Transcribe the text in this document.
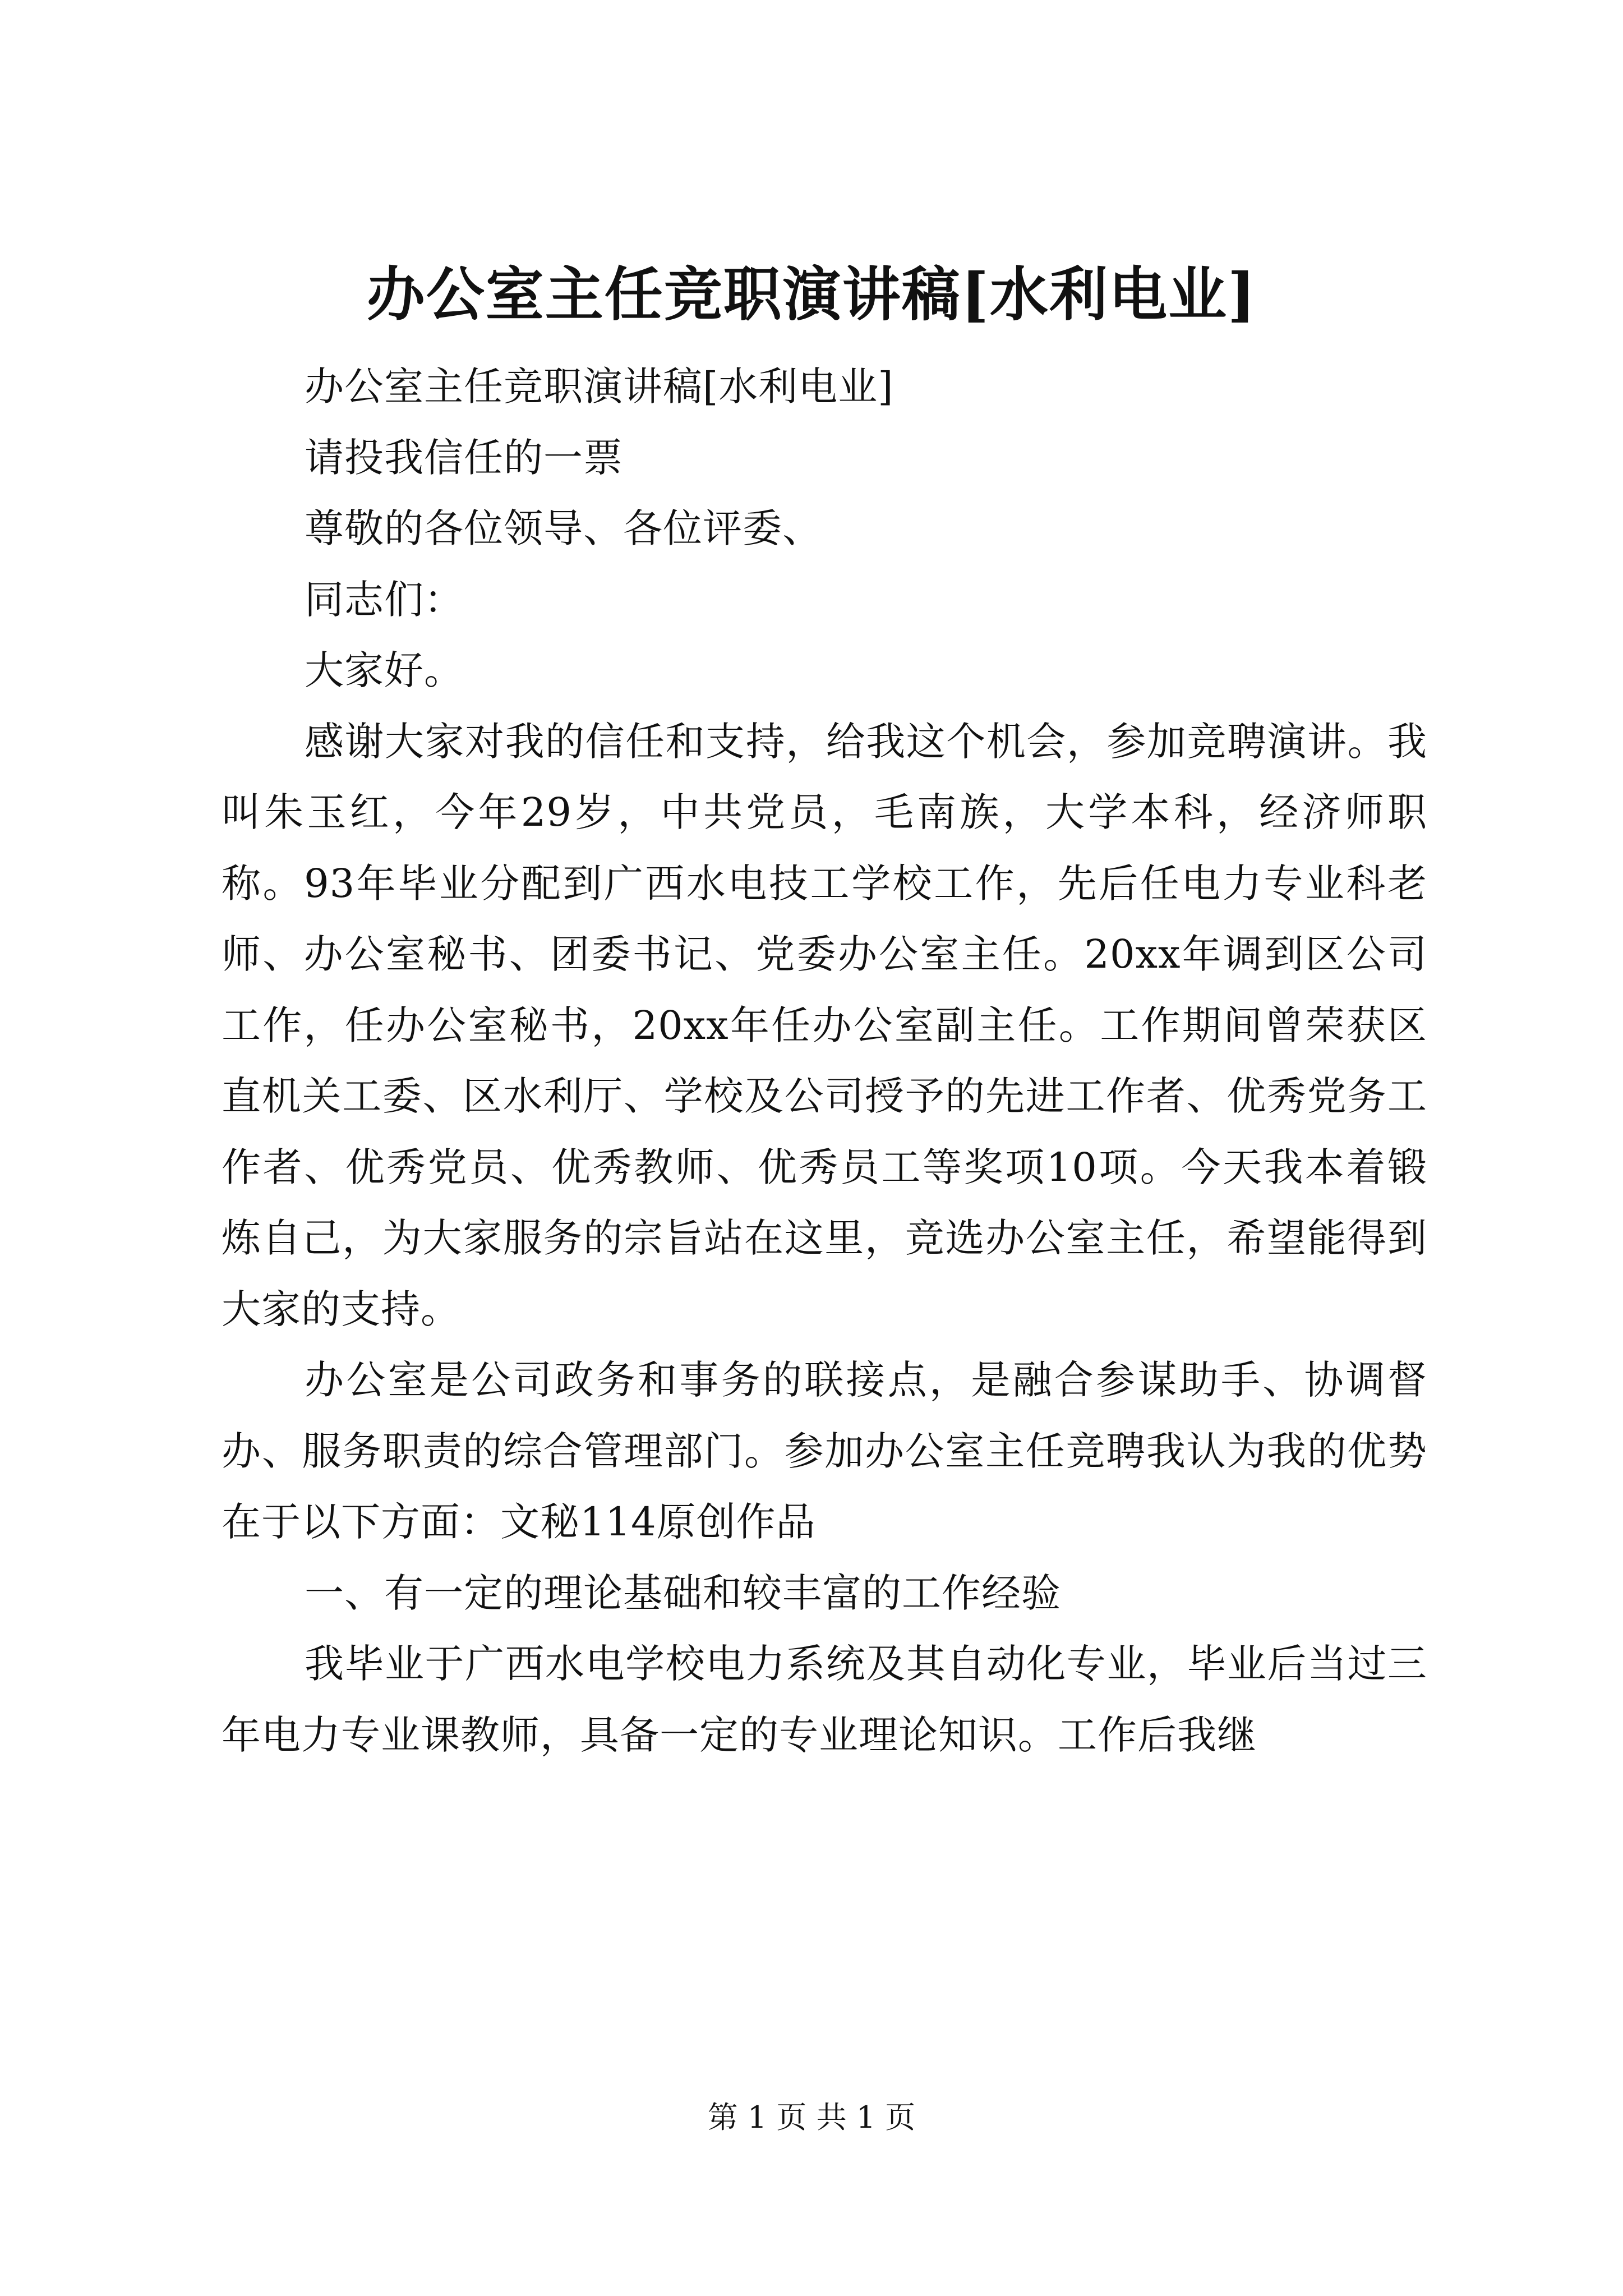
办公室主任竞职演讲稿[水利电业]

办公室主任竞职演讲稿[水利电业]

请投我信任的一票

尊敬的各位领导、各位评委、

同志们：

大家好。

感谢大家对我的信任和支持，给我这个机会，参加竞聘演讲。我叫朱玉红，今年29岁，中共党员，毛南族，大学本科，经济师职称。93年毕业分配到广西水电技工学校工作，先后任电力专业科老师、办公室秘书、团委书记、党委办公室主任。20xx年调到区公司工作，任办公室秘书，20xx年任办公室副主任。工作期间曾荣获区直机关工委、区水利厅、学校及公司授予的先进工作者、优秀党务工作者、优秀党员、优秀教师、优秀员工等奖项10项。今天我本着锻炼自己，为大家服务的宗旨站在这里，竞选办公室主任，希望能得到大家的支持。

办公室是公司政务和事务的联接点，是融合参谋助手、协调督办、服务职责的综合管理部门。参加办公室主任竞聘我认为我的优势在于以下方面：文秘114原创作品

一、有一定的理论基础和较丰富的工作经验

我毕业于广西水电学校电力系统及其自动化专业，毕业后当过三年电力专业课教师，具备一定的专业理论知识。工作后我继

第 1 页 共 1 页
